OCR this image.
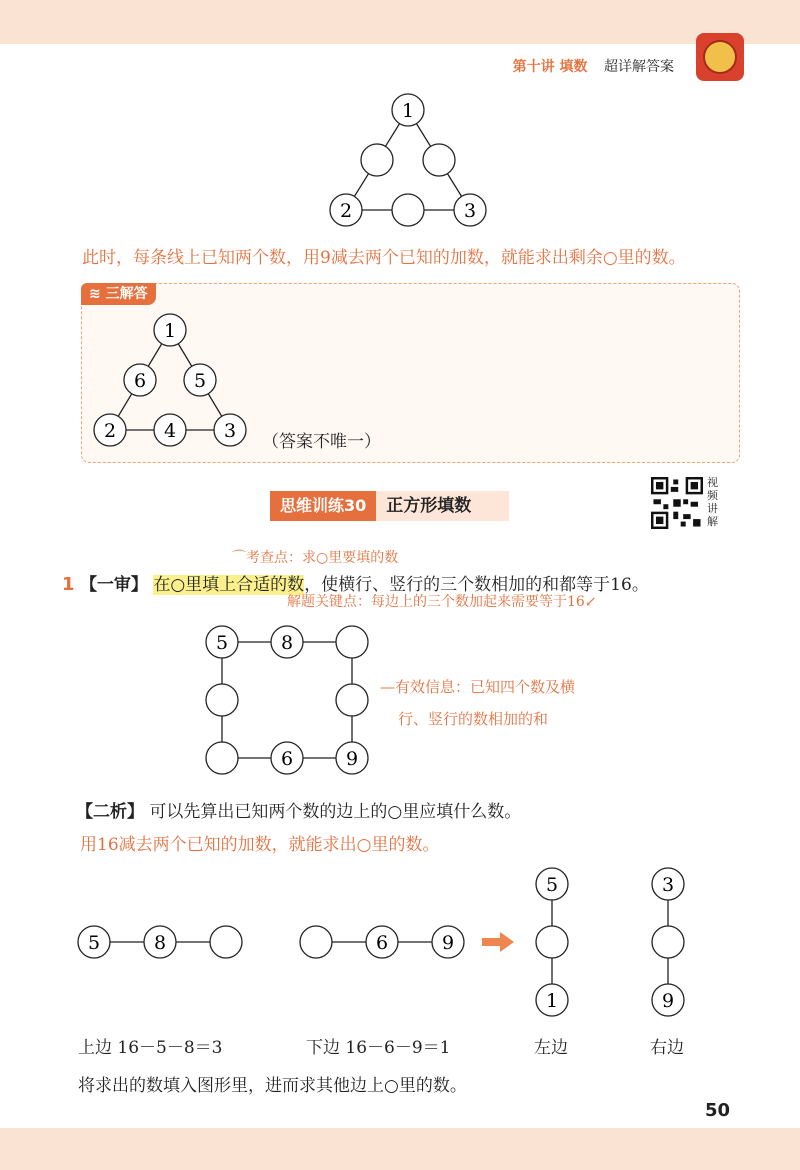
第十讲 填数 超详解答案
1
2	3
此时，每条线上已知两个数，用9减去两个已知的加数，就能求出剩余○里的数。
≋ 三解答
1
6	5
2	4	3 （答案不唯一）
思维训练30	正方形填数
视频讲解
⌒考查点：求○里要填的数
1 【一审】 在○里填上合适的数，使横行、竖行的三个数相加的和都等于16。
解题关键点：每边上的三个数加起来需要等于16↙
5	8
6	9
—有效信息：已知四个数及横
行、竖行的数相加的和
【二析】 可以先算出已知两个数的边上的○里应填什么数。
用16减去两个已知的加数，就能求出○里的数。
5	8	6	9
5
1
3
9
上边 16－5－8＝3	下边 16－6－9＝1	左边	右边
将求出的数填入图形里，进而求其他边上○里的数。
50
